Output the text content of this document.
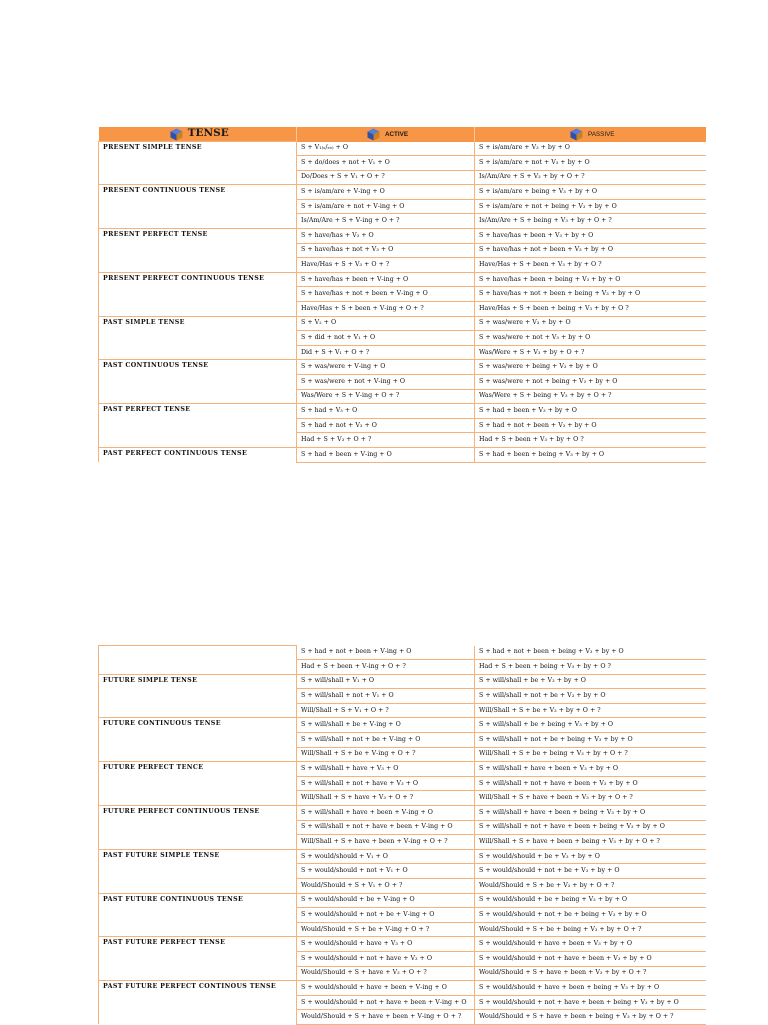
TENSE	ACTIVE	PASSIVE
PRESENT SIMPLE TENSE	S + V₁₍ₛ/ₑₛ₎ + O	S + is/am/are + V₃ + by + O
	S + do/does + not + V₁ + O	S + is/am/are + not + V₃ + by + O
	Do/Does + S + V₁ + O + ?	Is/Am/Are + S + V₃ + by + O + ?
PRESENT CONTINUOUS TENSE	S + is/am/are + V‑ing + O	S + is/am/are + being + V₃ + by + O
	S + is/am/are + not + V‑ing + O	S + is/am/are + not + being + V₃ + by + O
	Is/Am/Are + S + V‑ing + O + ?	Is/Am/Are + S + being + V₃ + by + O + ?
PRESENT PERFECT TENSE	S + have/has + V₃ + O	S + have/has + been + V₃ + by + O
	S + have/has + not + V₃ + O	S + have/has + not + been + V₃ + by + O
	Have/Has + S + V₃ + O + ?	Have/Has + S + been + V₃ + by + O ?
PRESENT PERFECT CONTINUOUS TENSE	S + have/has + been + V‑ing + O	S + have/has + been + being + V₃ + by + O
	S + have/has + not + been + V‑ing + O	S + have/has + not + been + being + V₃ + by + O
	Have/Has + S + been + V‑ing + O + ?	Have/Has + S + been + being + V₃ + by + O ?
PAST SIMPLE TENSE	S + V₂ + O	S + was/were + V₃ + by + O
	S + did + not + V₁ + O	S + was/were + not + V₃ + by + O
	Did + S + V₁ + O + ?	Was/Were + S + V₃ + by + O + ?
PAST CONTINUOUS TENSE	S + was/were + V‑ing + O	S + was/were + being + V₃ + by + O
	S + was/were + not + V‑ing + O	S + was/were + not + being + V₃ + by + O
	Was/Were + S + V‑ing + O + ?	Was/Were + S + being + V₃ + by + O + ?
PAST PERFECT TENSE	S + had + V₃ + O	S + had + been + V₃ + by + O
	S + had + not + V₃ + O	S + had + not + been + V₃ + by + O
	Had + S + V₃ + O + ?	Had + S + been + V₃ + by + O ?
PAST PERFECT CONTINUOUS TENSE	S + had + been + V‑ing + O	S + had + been + being + V₃ + by + O
	S + had + not + been + V‑ing + O	S + had + not + been + being + V₃ + by + O
	Had + S + been + V‑ing + O + ?	Had + S + been + being + V₃ + by + O ?
FUTURE SIMPLE TENSE	S + will/shall + V₁ + O	S + will/shall + be + V₃ + by + O
	S + will/shall + not + V₁ + O	S + will/shall + not + be + V₃ + by + O
	Will/Shall + S + V₁ + O + ?	Will/Shall + S + be + V₃ + by + O + ?
FUTURE CONTINUOUS TENSE	S + will/shall + be + V‑ing + O	S + will/shall + be + being + V₃ + by + O
	S + will/shall + not + be + V‑ing + O	S + will/shall + not + be + being + V₃ + by + O
	Will/Shall + S + be + V‑ing + O + ?	Will/Shall + S + be + being + V₃ + by + O + ?
FUTURE PERFECT TENCE	S + will/shall + have + V₃ + O	S + will/shall + have + been + V₃ + by + O
	S + will/shall + not + have + V₃ + O	S + will/shall + not + have + been + V₃ + by + O
	Will/Shall + S + have + V₃ + O + ?	Will/Shall + S + have + been + V₃ + by + O + ?
FUTURE PERFECT CONTINUOUS TENSE	S + will/shall + have + been + V‑ing + O	S + will/shall + have + been + being + V₃ + by + O
	S + will/shall + not + have + been + V‑ing + O	S + will/shall + not + have + been + being + V₃ + by + O
	Will/Shall + S + have + been + V‑ing + O + ?	Will/Shall + S + have + been + being + V₃ + by + O + ?
PAST FUTURE SIMPLE TENSE	S + would/should + V₁ + O	S + would/should + be + V₃ + by + O
	S + would/should + not + V₁ + O	S + would/should + not + be + V₃ + by + O
	Would/Should + S + V₁ + O + ?	Would/Should + S + be + V₃ + by + O + ?
PAST FUTURE CONTINUOUS TENSE	S + would/should + be + V‑ing + O	S + would/should + be + being + V₃ + by + O
	S + would/should + not + be + V‑ing + O	S + would/should + not + be + being + V₃ + by + O
	Would/Should + S + be + V‑ing + O + ?	Would/Should + S + be + being + V₃ + by + O + ?
PAST FUTURE PERFECT TENSE	S + would/should + have + V₃ + O	S + would/should + have + been + V₃ + by + O
	S + would/should + not + have + V₃ + O	S + would/should + not + have + been + V₃ + by + O
	Would/Should + S + have + V₃ + O + ?	Would/Should + S + have + been + V₃ + by + O + ?
PAST FUTURE PERFECT CONTINOUS TENSE	S + would/should + have + been + V‑ing + O	S + would/should + have + been + being + V₃ + by + O
	S + would/should + not + have + been + V‑ing + O	S + would/should + not + have + been + being + V₃ + by + O
	Would/Should + S + have + been + V‑ing + O + ?	Would/Should + S + have + been + being + V₃ + by + O + ?
